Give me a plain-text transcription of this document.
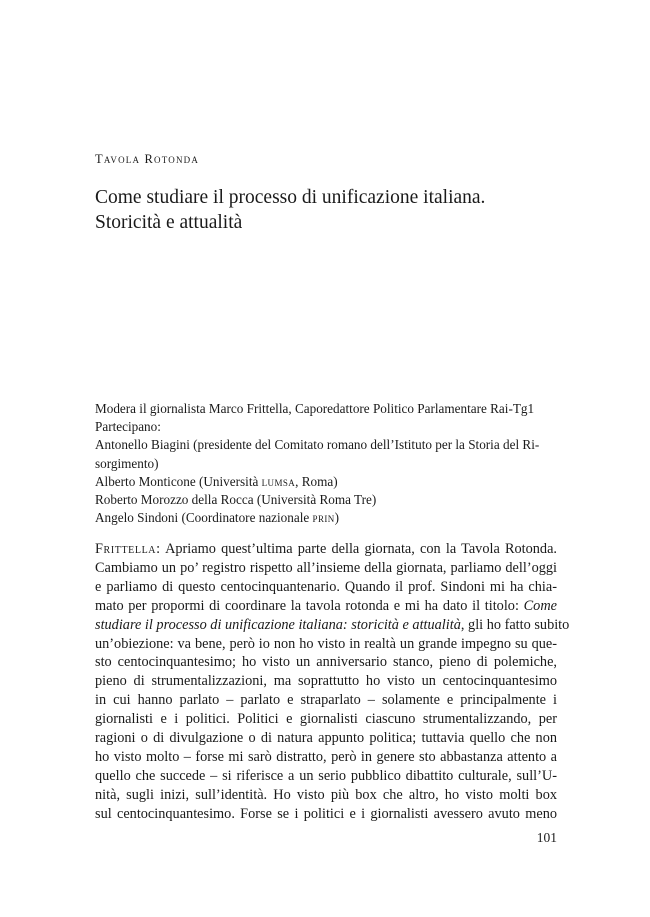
Tavola Rotonda
Come studiare il processo di unificazione italiana.
Storicità e attualità
Modera il giornalista Marco Frittella, Caporedattore Politico Parlamentare Rai-Tg1
Partecipano:
Antonello Biagini (presidente del Comitato romano dell’Istituto per la Storia del Ri-
sorgimento)
Alberto Monticone (Università lumsa, Roma)
Roberto Morozzo della Rocca (Università Roma Tre)
Angelo Sindoni (Coordinatore nazionale prin)
Frittella: Apriamo quest’ultima parte della giornata, con la Tavola Rotonda.
Cambiamo un po’ registro rispetto all’insieme della giornata, parliamo dell’oggi
e parliamo di questo centocinquantenario. Quando il prof. Sindoni mi ha chia-
mato per propormi di coordinare la tavola rotonda e mi ha dato il titolo: Come
studiare il processo di unificazione italiana: storicità e attualità, gli ho fatto subito
un’obiezione: va bene, però io non ho visto in realtà un grande impegno su que-
sto centocinquantesimo; ho visto un anniversario stanco, pieno di polemiche,
pieno di strumentalizzazioni, ma soprattutto ho visto un centocinquantesimo
in cui hanno parlato – parlato e straparlato – solamente e principalmente i
giornalisti e i politici. Politici e giornalisti ciascuno strumentalizzando, per
ragioni o di divulgazione o di natura appunto politica; tuttavia quello che non
ho visto molto – forse mi sarò distratto, però in genere sto abbastanza attento a
quello che succede – si riferisce a un serio pubblico dibattito culturale, sull’U-
nità, sugli inizi, sull’identità. Ho visto più box che altro, ho visto molti box
sul centocinquantesimo. Forse se i politici e i giornalisti avessero avuto meno
101
